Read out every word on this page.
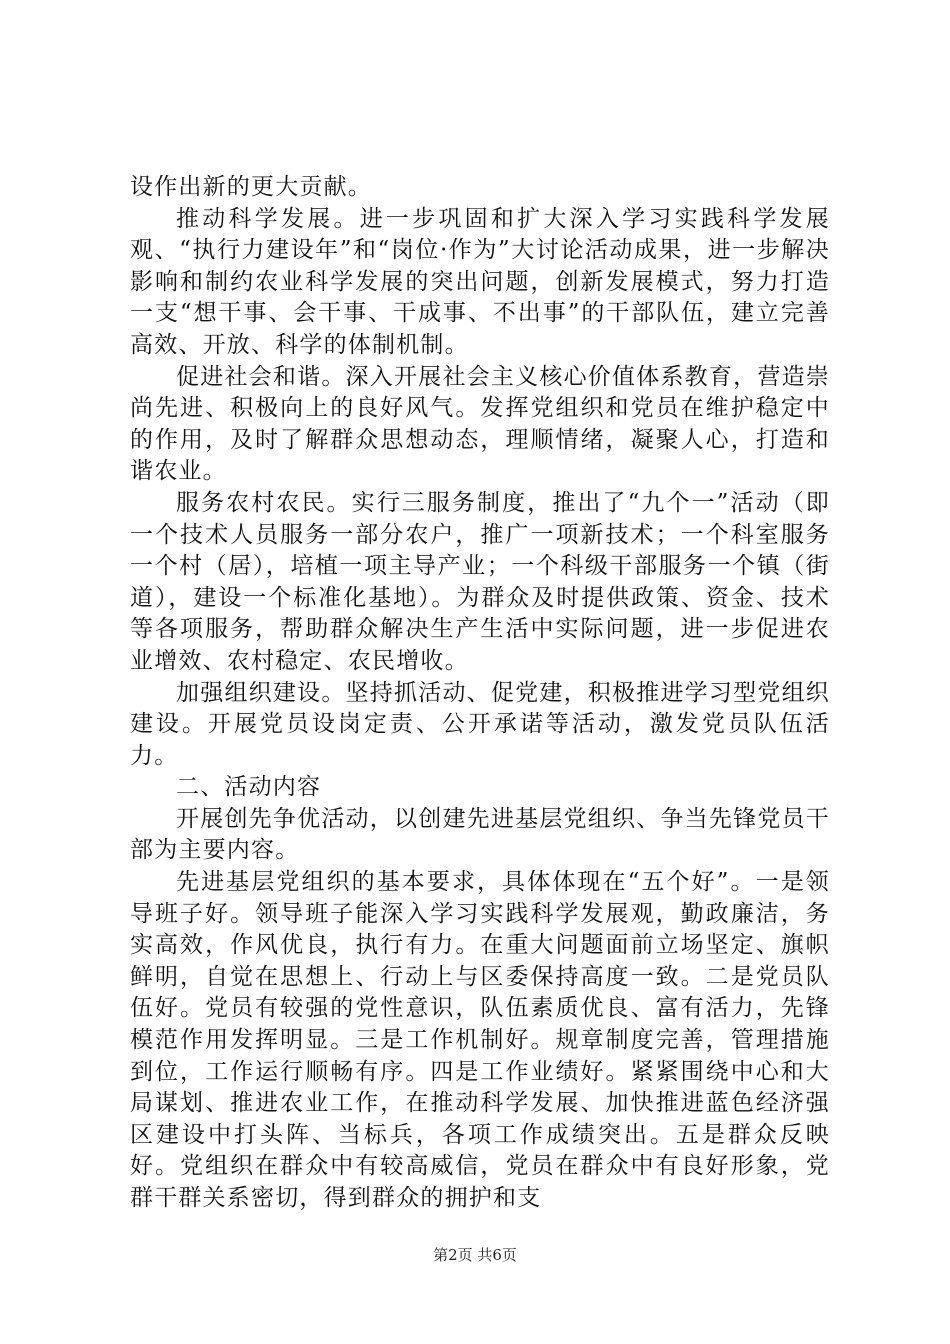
设作出新的更大贡献。

推动科学发展。进一步巩固和扩大深入学习实践科学发展观、“执行力建设年”和“岗位·作为”大讨论活动成果，进一步解决影响和制约农业科学发展的突出问题，创新发展模式，努力打造一支“想干事、会干事、干成事、不出事”的干部队伍，建立完善高效、开放、科学的体制机制。

促进社会和谐。深入开展社会主义核心价值体系教育，营造崇尚先进、积极向上的良好风气。发挥党组织和党员在维护稳定中的作用，及时了解群众思想动态，理顺情绪，凝聚人心，打造和谐农业。

服务农村农民。实行三服务制度，推出了“九个一”活动（即一个技术人员服务一部分农户，推广一项新技术；一个科室服务一个村（居），培植一项主导产业；一个科级干部服务一个镇（街道），建设一个标准化基地）。为群众及时提供政策、资金、技术等各项服务，帮助群众解决生产生活中实际问题，进一步促进农业增效、农村稳定、农民增收。

加强组织建设。坚持抓活动、促党建，积极推进学习型党组织建设。开展党员设岗定责、公开承诺等活动，激发党员队伍活力。

二、活动内容

开展创先争优活动，以创建先进基层党组织、争当先锋党员干部为主要内容。

先进基层党组织的基本要求，具体体现在“五个好”。一是领导班子好。领导班子能深入学习实践科学发展观，勤政廉洁，务实高效，作风优良，执行有力。在重大问题面前立场坚定、旗帜鲜明，自觉在思想上、行动上与区委保持高度一致。二是党员队伍好。党员有较强的党性意识，队伍素质优良、富有活力，先锋模范作用发挥明显。三是工作机制好。规章制度完善，管理措施到位，工作运行顺畅有序。四是工作业绩好。紧紧围绕中心和大局谋划、推进农业工作，在推动科学发展、加快推进蓝色经济强区建设中打头阵、当标兵，各项工作成绩突出。五是群众反映好。党组织在群众中有较高威信，党员在群众中有良好形象，党群干群关系密切，得到群众的拥护和支

第2页 共6页
